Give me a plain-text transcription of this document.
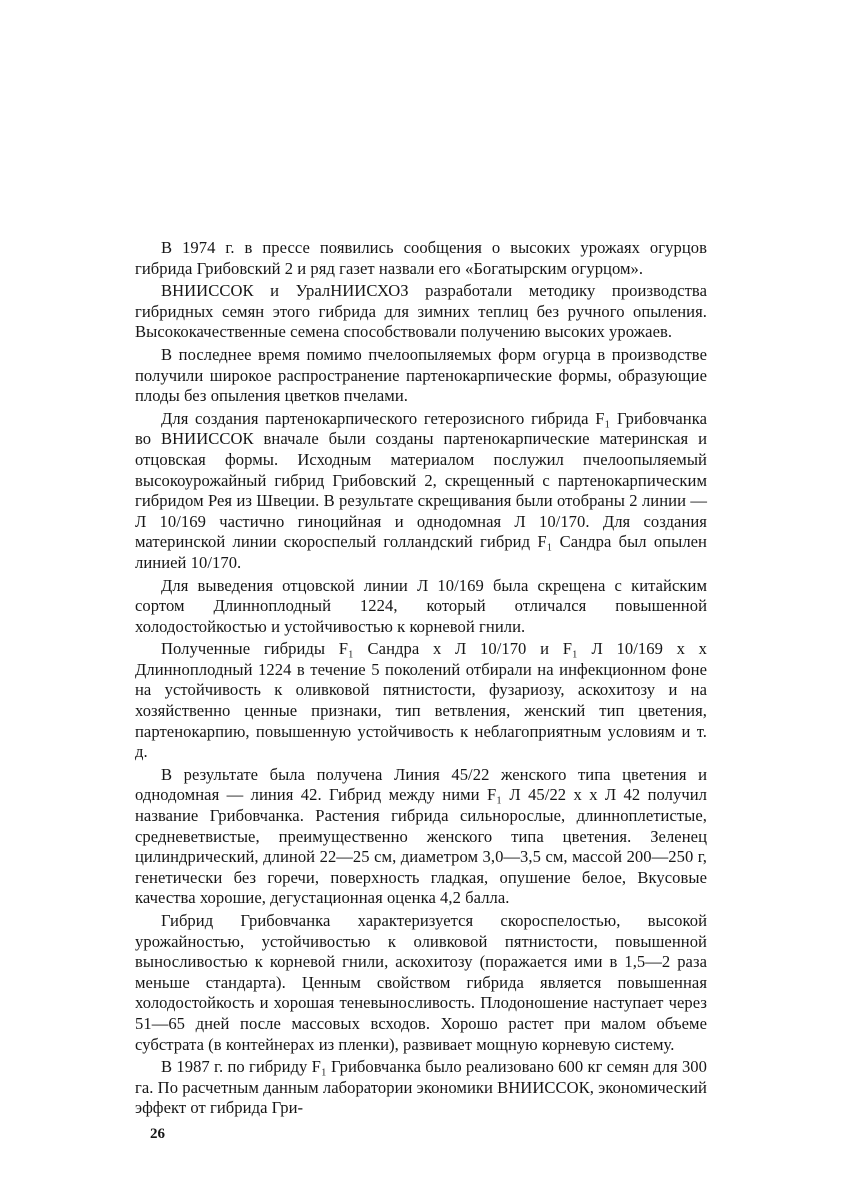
В 1974 г. в прессе появились сообщения о высоких урожаях огурцов гибрида Грибовский 2 и ряд газет назвали его «Богатырским огурцом».

ВНИИССОК и УралНИИСХОЗ разработали методику производства гибридных семян этого гибрида для зимних теплиц без ручного опыления. Высококачественные семена способствовали получению высоких урожаев.

В последнее время помимо пчелоопыляемых форм огурца в производстве получили широкое распространение партенокарпические формы, образующие плоды без опыления цветков пчелами.

Для создания партенокарпического гетерозисного гибрида F₁ Грибовчанка во ВНИИССОК вначале были созданы партенокарпические материнская и отцовская формы. Исходным материалом послужил пчелоопыляемый высокоурожайный гибрид Грибовский 2, скрещенный с партенокарпическим гибридом Рея из Швеции. В результате скрещивания были отобраны 2 линии — Л 10/169 частично гиноцийная и однодомная Л 10/170. Для создания материнской линии скороспелый голландский гибрид F₁ Сандра был опылен линией 10/170.

Для выведения отцовской линии Л 10/169 была скрещена с китайским сортом Длинноплодный 1224, который отличался повышенной холодостойкостью и устойчивостью к корневой гнили.

Полученные гибриды F₁ Сандра х Л 10/170 и F₁ Л 10/169 х х Длинноплодный 1224 в течение 5 поколений отбирали на инфекционном фоне на устойчивость к оливковой пятнистости, фузариозу, аскохитозу и на хозяйственно ценные признаки, тип ветвления, женский тип цветения, партенокарпию, повышенную устойчивость к неблагоприятным условиям и т. д.

В результате была получена Линия 45/22 женского типа цветения и однодомная — линия 42. Гибрид между ними F₁ Л 45/22 х х Л 42 получил название Грибовчанка. Растения гибрида сильнорослые, длинноплетистые, средневетвистые, преимущественно женского типа цветения. Зеленец цилиндрический, длиной 22—25 см, диаметром 3,0—3,5 см, массой 200—250 г, генетически без горечи, поверхность гладкая, опушение белое, Вкусовые качества хорошие, дегустационная оценка 4,2 балла.

Гибрид Грибовчанка характеризуется скороспелостью, высокой урожайностью, устойчивостью к оливковой пятнистости, повышенной выносливостью к корневой гнили, аскохитозу (поражается ими в 1,5—2 раза меньше стандарта). Ценным свойством гибрида является повышенная холодостойкость и хорошая теневыносливость. Плодоношение наступает через 51—65 дней после массовых всходов. Хорошо растет при малом объеме субстрата (в контейнерах из пленки), развивает мощную корневую систему.

В 1987 г. по гибриду F₁ Грибовчанка было реализовано 600 кг семян для 300 га. По расчетным данным лаборатории экономики ВНИИССОК, экономический эффект от гибрида Гри-

26
